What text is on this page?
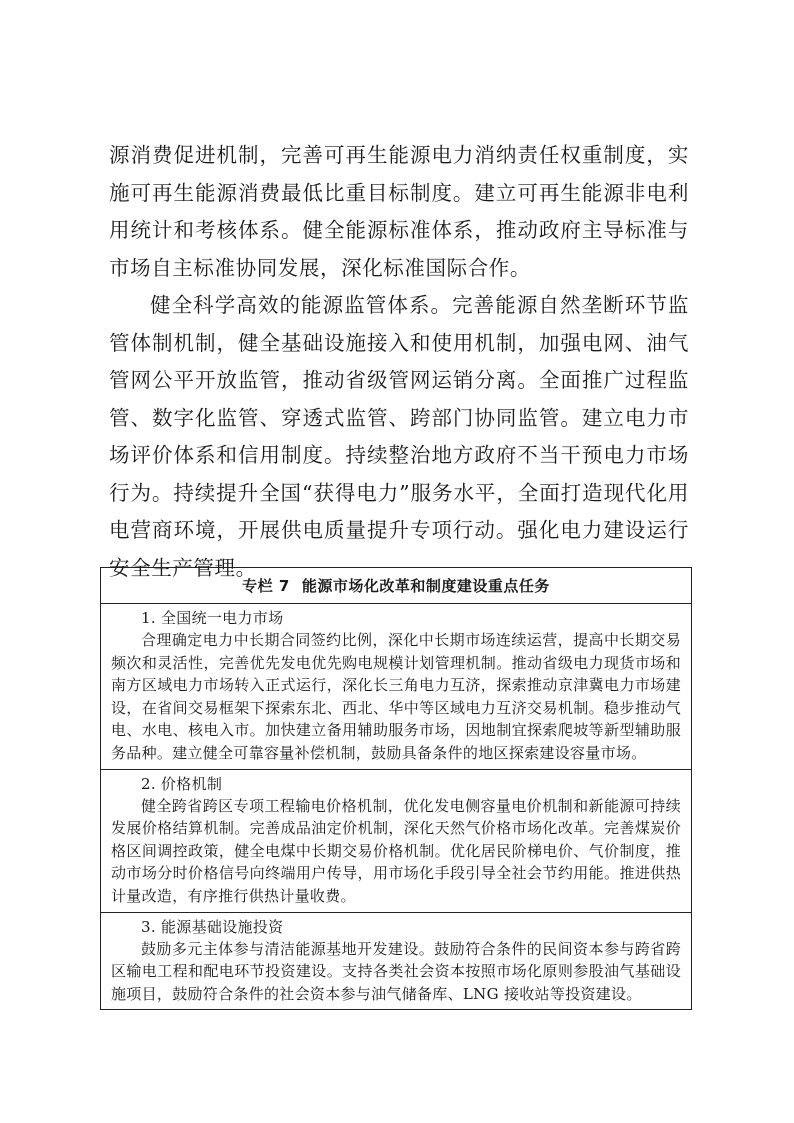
源消费促进机制，完善可再生能源电力消纳责任权重制度，实施可再生能源消费最低比重目标制度。建立可再生能源非电利用统计和考核体系。健全能源标准体系，推动政府主导标准与市场自主标准协同发展，深化标准国际合作。

健全科学高效的能源监管体系。完善能源自然垄断环节监管体制机制，健全基础设施接入和使用机制，加强电网、油气管网公平开放监管，推动省级管网运销分离。全面推广过程监管、数字化监管、穿透式监管、跨部门协同监管。建立电力市场评价体系和信用制度。持续整治地方政府不当干预电力市场行为。持续提升全国“获得电力”服务水平，全面打造现代化用电营商环境，开展供电质量提升专项行动。强化电力建设运行安全生产管理。

专栏 7 能源市场化改革和制度建设重点任务

1. 全国统一电力市场

合理确定电力中长期合同签约比例，深化中长期市场连续运营，提高中长期交易频次和灵活性，完善优先发电优先购电规模计划管理机制。推动省级电力现货市场和南方区域电力市场转入正式运行，深化长三角电力互济，探索推动京津冀电力市场建设，在省间交易框架下探索东北、西北、华中等区域电力互济交易机制。稳步推动气电、水电、核电入市。加快建立备用辅助服务市场，因地制宜探索爬坡等新型辅助服务品种。建立健全可靠容量补偿机制，鼓励具备条件的地区探索建设容量市场。

2. 价格机制

健全跨省跨区专项工程输电价格机制，优化发电侧容量电价机制和新能源可持续发展价格结算机制。完善成品油定价机制，深化天然气价格市场化改革。完善煤炭价格区间调控政策，健全电煤中长期交易价格机制。优化居民阶梯电价、气价制度，推动市场分时价格信号向终端用户传导，用市场化手段引导全社会节约用能。推进供热计量改造，有序推行供热计量收费。

3. 能源基础设施投资

鼓励多元主体参与清洁能源基地开发建设。鼓励符合条件的民间资本参与跨省跨区输电工程和配电环节投资建设。支持各类社会资本按照市场化原则参股油气基础设施项目，鼓励符合条件的社会资本参与油气储备库、LNG 接收站等投资建设。
